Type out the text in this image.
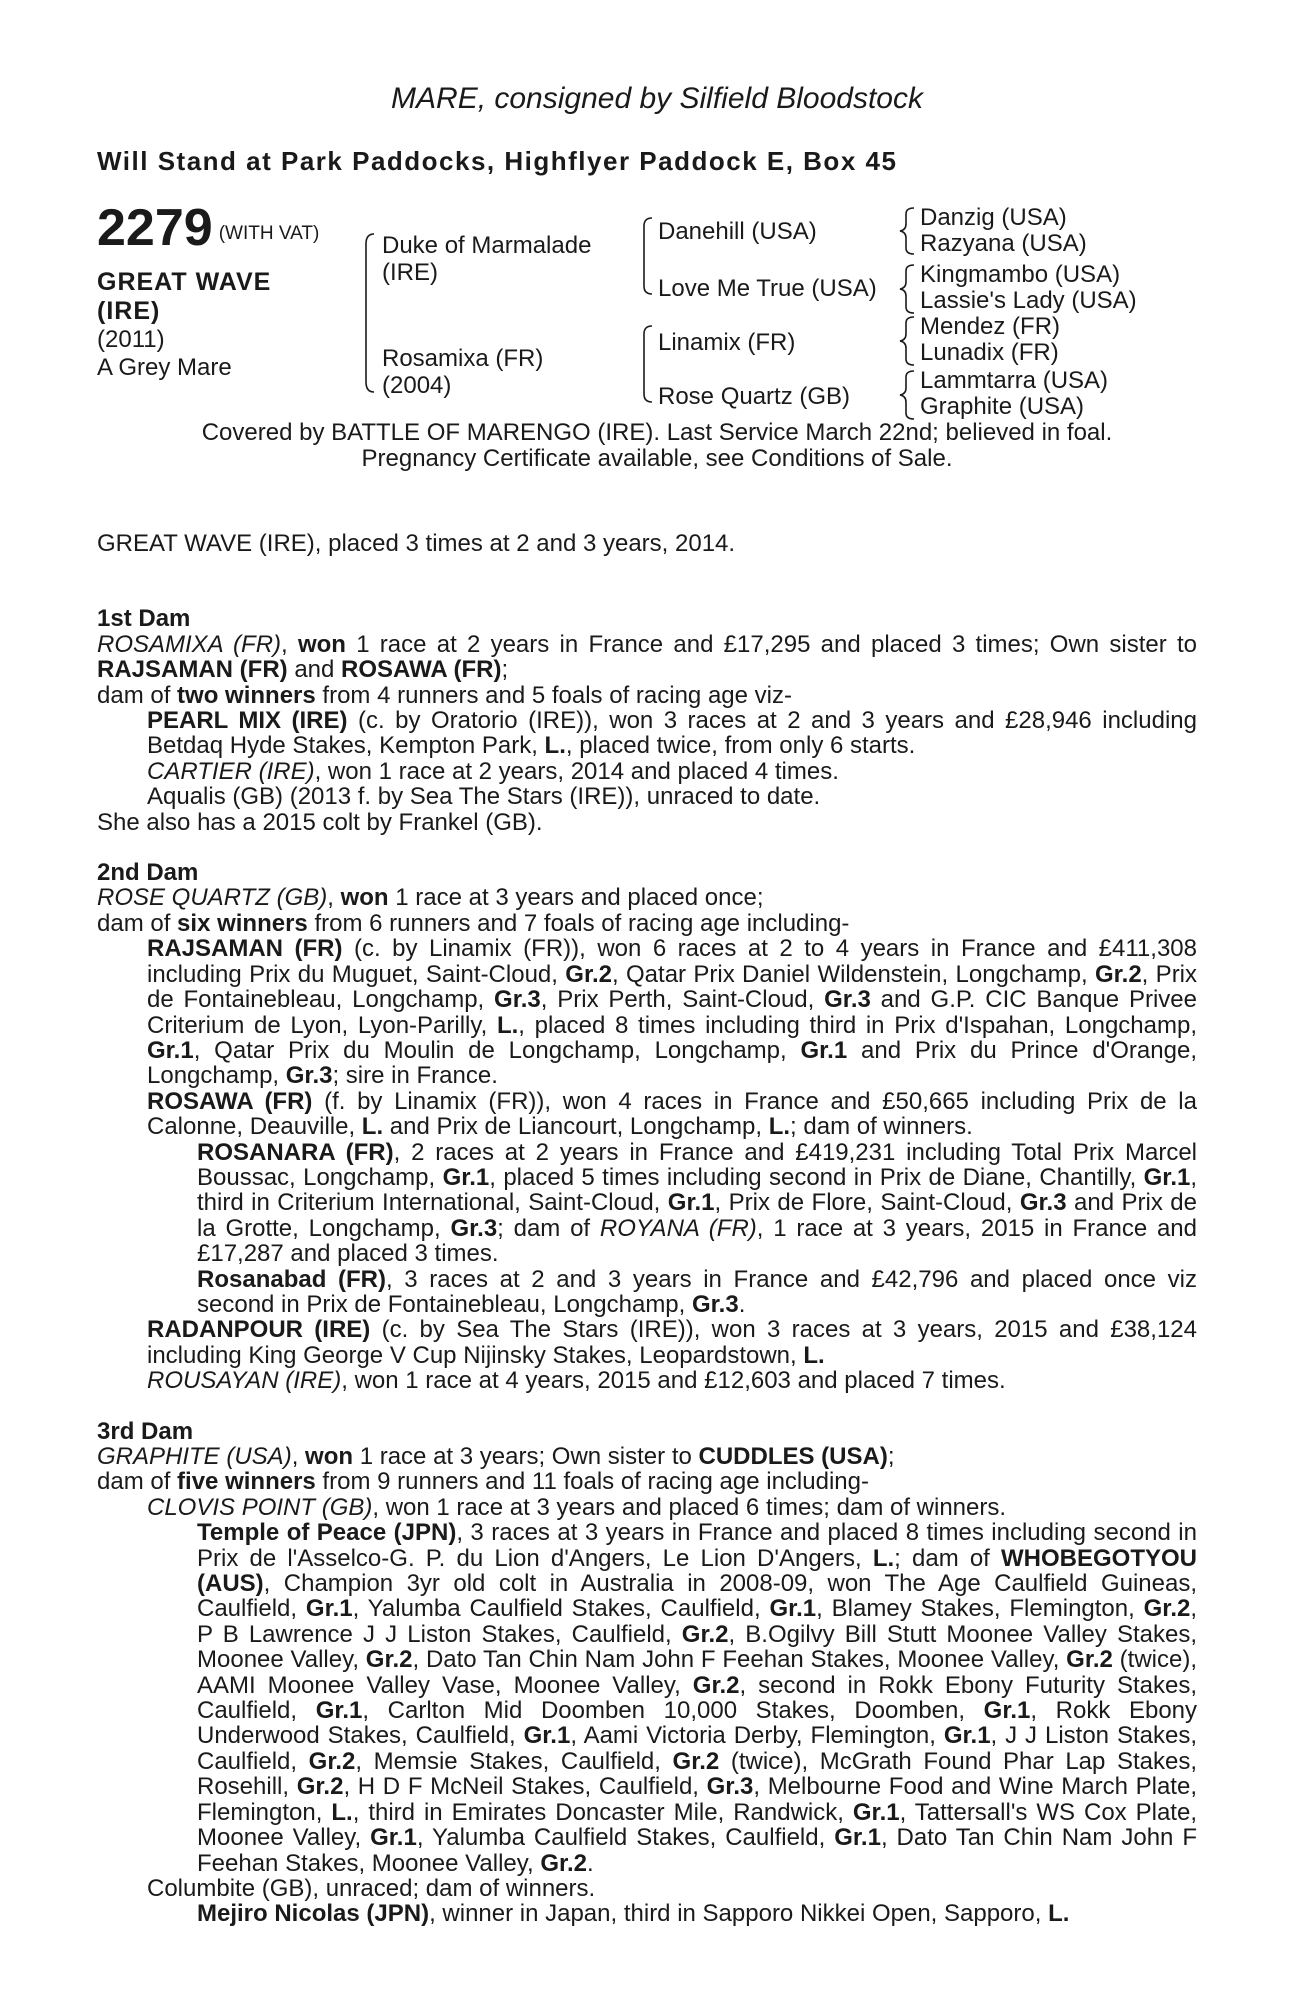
MARE, consigned by Silfield Bloodstock
Will Stand at Park Paddocks, Highflyer Paddock E, Box 45
2279 (WITH VAT)
GREAT WAVE
(IRE)
(2011)
A Grey Mare
Duke of Marmalade
(IRE)
Rosamixa (FR)
(2004)
Danehill (USA)
Love Me True (USA)
Linamix (FR)
Rose Quartz (GB)
Danzig (USA)
Razyana (USA)
Kingmambo (USA)
Lassie's Lady (USA)
Mendez (FR)
Lunadix (FR)
Lammtarra (USA)
Graphite (USA)
Covered by BATTLE OF MARENGO (IRE). Last Service March 22nd; believed in foal.
Pregnancy Certificate available, see Conditions of Sale.

GREAT WAVE (IRE), placed 3 times at 2 and 3 years, 2014.

1st Dam

ROSAMIXA (FR), won 1 race at 2 years in France and £17,295 and placed 3 times; Own sister to RAJSAMAN (FR) and ROSAWA (FR);

dam of two winners from 4 runners and 5 foals of racing age viz-

PEARL MIX (IRE) (c. by Oratorio (IRE)), won 3 races at 2 and 3 years and £28,946 including Betdaq Hyde Stakes, Kempton Park, L., placed twice, from only 6 starts.

CARTIER (IRE), won 1 race at 2 years, 2014 and placed 4 times.

Aqualis (GB) (2013 f. by Sea The Stars (IRE)), unraced to date.

She also has a 2015 colt by Frankel (GB).

2nd Dam

ROSE QUARTZ (GB), won 1 race at 3 years and placed once;

dam of six winners from 6 runners and 7 foals of racing age including-

RAJSAMAN (FR) (c. by Linamix (FR)), won 6 races at 2 to 4 years in France and £411,308 including Prix du Muguet, Saint-Cloud, Gr.2, Qatar Prix Daniel Wildenstein, Longchamp, Gr.2, Prix de Fontainebleau, Longchamp, Gr.3, Prix Perth, Saint-Cloud, Gr.3 and G.P. CIC Banque Privee Criterium de Lyon, Lyon-Parilly, L., placed 8 times including third in Prix d'Ispahan, Longchamp, Gr.1, Qatar Prix du Moulin de Longchamp, Longchamp, Gr.1 and Prix du Prince d'Orange, Longchamp, Gr.3; sire in France.

ROSAWA (FR) (f. by Linamix (FR)), won 4 races in France and £50,665 including Prix de la Calonne, Deauville, L. and Prix de Liancourt, Longchamp, L.; dam of winners.

ROSANARA (FR), 2 races at 2 years in France and £419,231 including Total Prix Marcel Boussac, Longchamp, Gr.1, placed 5 times including second in Prix de Diane, Chantilly, Gr.1, third in Criterium International, Saint-Cloud, Gr.1, Prix de Flore, Saint-Cloud, Gr.3 and Prix de la Grotte, Longchamp, Gr.3; dam of ROYANA (FR), 1 race at 3 years, 2015 in France and £17,287 and placed 3 times.

Rosanabad (FR), 3 races at 2 and 3 years in France and £42,796 and placed once viz second in Prix de Fontainebleau, Longchamp, Gr.3.

RADANPOUR (IRE) (c. by Sea The Stars (IRE)), won 3 races at 3 years, 2015 and £38,124 including King George V Cup Nijinsky Stakes, Leopardstown, L.

ROUSAYAN (IRE), won 1 race at 4 years, 2015 and £12,603 and placed 7 times.

3rd Dam

GRAPHITE (USA), won 1 race at 3 years; Own sister to CUDDLES (USA);

dam of five winners from 9 runners and 11 foals of racing age including-

CLOVIS POINT (GB), won 1 race at 3 years and placed 6 times; dam of winners.

Temple of Peace (JPN), 3 races at 3 years in France and placed 8 times including second in Prix de l'Asselco-G. P. du Lion d'Angers, Le Lion D'Angers, L.; dam of WHOBEGOTYOU (AUS), Champion 3yr old colt in Australia in 2008-09, won The Age Caulfield Guineas, Caulfield, Gr.1, Yalumba Caulfield Stakes, Caulfield, Gr.1, Blamey Stakes, Flemington, Gr.2, P B Lawrence J J Liston Stakes, Caulfield, Gr.2, B.Ogilvy Bill Stutt Moonee Valley Stakes, Moonee Valley, Gr.2, Dato Tan Chin Nam John F Feehan Stakes, Moonee Valley, Gr.2 (twice), AAMI Moonee Valley Vase, Moonee Valley, Gr.2, second in Rokk Ebony Futurity Stakes, Caulfield, Gr.1, Carlton Mid Doomben 10,000 Stakes, Doomben, Gr.1, Rokk Ebony Underwood Stakes, Caulfield, Gr.1, Aami Victoria Derby, Flemington, Gr.1, J J Liston Stakes, Caulfield, Gr.2, Memsie Stakes, Caulfield, Gr.2 (twice), McGrath Found Phar Lap Stakes, Rosehill, Gr.2, H D F McNeil Stakes, Caulfield, Gr.3, Melbourne Food and Wine March Plate, Flemington, L., third in Emirates Doncaster Mile, Randwick, Gr.1, Tattersall's WS Cox Plate, Moonee Valley, Gr.1, Yalumba Caulfield Stakes, Caulfield, Gr.1, Dato Tan Chin Nam John F Feehan Stakes, Moonee Valley, Gr.2.

Columbite (GB), unraced; dam of winners.

Mejiro Nicolas (JPN), winner in Japan, third in Sapporo Nikkei Open, Sapporo, L.
